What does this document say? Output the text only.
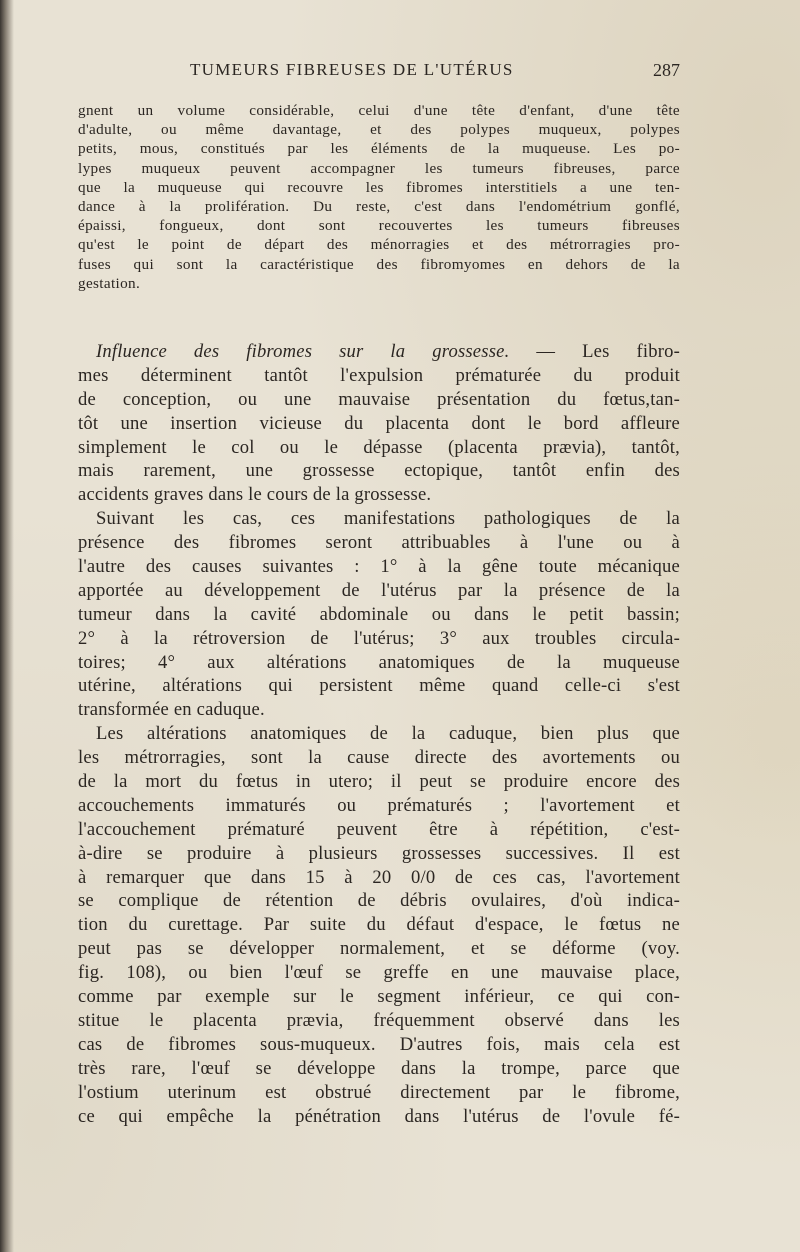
TUMEURS FIBREUSES DE L'UTÉRUS	287
gnent un volume considérable, celui d'une tête d'enfant, d'une tête
d'adulte, ou même davantage, et des polypes muqueux, polypes
petits, mous, constitués par les éléments de la muqueuse. Les po-
lypes muqueux peuvent accompagner les tumeurs fibreuses, parce
que la muqueuse qui recouvre les fibromes interstitiels a une ten-
dance à la prolifération. Du reste, c'est dans l'endométrium gonflé,
épaissi, fongueux, dont sont recouvertes les tumeurs fibreuses
qu'est le point de départ des ménorragies et des métrorragies pro-
fuses qui sont la caractéristique des fibromyomes en dehors de la
gestation.
Influence des fibromes sur la grossesse. — Les fibro-
mes déterminent tantôt l'expulsion prématurée du produit
de conception, ou une mauvaise présentation du fœtus,tan-
tôt une insertion vicieuse du placenta dont le bord affleure
simplement le col ou le dépasse (placenta prævia), tantôt,
mais rarement, une grossesse ectopique, tantôt enfin des
accidents graves dans le cours de la grossesse.
Suivant les cas, ces manifestations pathologiques de la
présence des fibromes seront attribuables à l'une ou à
l'autre des causes suivantes : 1° à la gêne toute mécanique
apportée au développement de l'utérus par la présence de la
tumeur dans la cavité abdominale ou dans le petit bassin;
2° à la rétroversion de l'utérus; 3° aux troubles circula-
toires; 4° aux altérations anatomiques de la muqueuse
utérine, altérations qui persistent même quand celle-ci s'est
transformée en caduque.
Les altérations anatomiques de la caduque, bien plus que
les métrorragies, sont la cause directe des avortements ou
de la mort du fœtus in utero; il peut se produire encore des
accouchements immaturés ou prématurés ; l'avortement et
l'accouchement prématuré peuvent être à répétition, c'est-
à-dire se produire à plusieurs grossesses successives. Il est
à remarquer que dans 15 à 20 0/0 de ces cas, l'avortement
se complique de rétention de débris ovulaires, d'où indica-
tion du curettage. Par suite du défaut d'espace, le fœtus ne
peut pas se développer normalement, et se déforme (voy.
fig. 108), ou bien l'œuf se greffe en une mauvaise place,
comme par exemple sur le segment inférieur, ce qui con-
stitue le placenta prævia, fréquemment observé dans les
cas de fibromes sous-muqueux. D'autres fois, mais cela est
très rare, l'œuf se développe dans la trompe, parce que
l'ostium uterinum est obstrué directement par le fibrome,
ce qui empêche la pénétration dans l'utérus de l'ovule fé-
